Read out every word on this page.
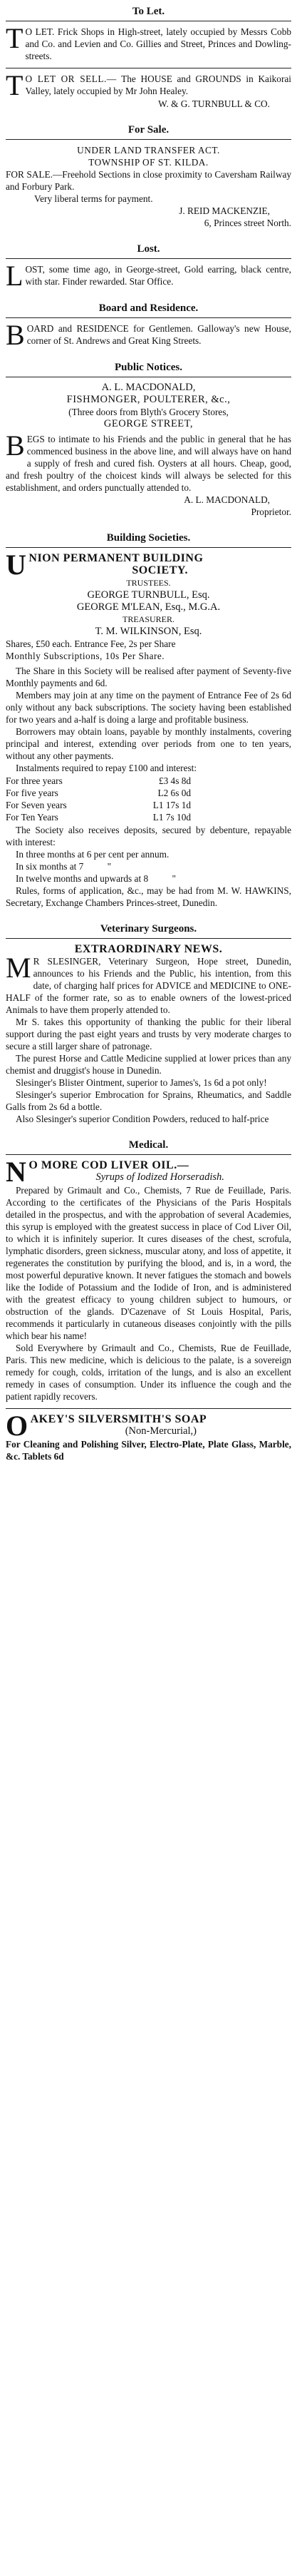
To Let.

T O LET. Frick Shops in High-street, lately occupied by Messrs Cobb and Co. and Levien and Co. Gillies and Street, Princes and Dowling-streets.

T O LET OR SELL.— The HOUSE and GROUNDS in Kaikorai Valley, lately occupied by Mr John Healey.

W. & G. TURNBULL & CO.

For Sale.

UNDER LAND TRANSFER ACT.

TOWNSHIP OF ST. KILDA.

FOR SALE.—Freehold Sections in close proximity to Caversham Railway and Forbury Park.

Very liberal terms for payment.

J. REID MACKENZIE,

6, Princes street North.

Lost.

L OST, some time ago, in George-street, Gold earring, black centre, with star. Finder rewarded. Star Office.

Board and Residence.

B OARD and RESIDENCE for Gentlemen. Galloway's new House, corner of St. Andrews and Great King Streets.

Public Notices.

A. L. MACDONALD,

FISHMONGER, POULTERER, &c.,

(Three doors from Blyth's Grocery Stores,

GEORGE STREET,

B EGS to intimate to his Friends and the public in general that he has commenced business in the above line, and will always have on hand a supply of fresh and cured fish. Oysters at all hours. Cheap, good, and fresh poultry of the choicest kinds will always be selected for this establishment, and orders punctually attended to.

A. L. MACDONALD,

Proprietor.

Building Societies.

U NION PERMANENT BUILDING

SOCIETY.

TRUSTEES.

GEORGE TURNBULL, Esq.

GEORGE M'LEAN, Esq., M.G.A.

TREASURER.

T. M. WILKINSON, Esq.

Shares, £50 each. Entrance Fee, 2s per Share

Monthly Subscriptions, 10s Per Share.

The Share in this Society will be realised after payment of Seventy-five Monthly payments and 6d.

Members may join at any time on the payment of Entrance Fee of 2s 6d only without any back subscriptions. The society having been established for two years and a-half is doing a large and profitable business.

Borrowers may obtain loans, payable by monthly instalments, covering principal and interest, extending over periods from one to ten years, without any other payments.

Instalments required to repay £100 and interest:

For three years	£3 4s 8d
For five years	L2 6s 0d
For Seven years	L1 17s 1d
For Ten Years	L1 7s 10d

The Society also receives deposits, secured by debenture, repayable with interest:

In three months at 6 per cent per annum.

In six months at 7	"

In twelve months and upwards at 8	"

Rules, forms of application, &c., may be had from M. W. HAWKINS, Secretary, Exchange Chambers Princes-street, Dunedin.

Veterinary Surgeons.

EXTRAORDINARY NEWS.

M R SLESINGER, Veterinary Surgeon, Hope street, Dunedin, announces to his Friends and the Public, his intention, from this date, of charging half prices for ADVICE and MEDICINE to ONE-HALF of the former rate, so as to enable owners of the lowest-priced Animals to have them properly attended to.

Mr S. takes this opportunity of thanking the public for their liberal support during the past eight years and trusts by very moderate charges to secure a still larger share of patronage.

The purest Horse and Cattle Medicine supplied at lower prices than any chemist and druggist's house in Dunedin.

Slesinger's Blister Ointment, superior to James's, 1s 6d a pot only!

Slesinger's superior Embrocation for Sprains, Rheumatics, and Saddle Galls from 2s 6d a bottle.

Also Slesinger's superior Condition Powders, reduced to half-price

Medical.

N O MORE COD LIVER OIL.—

Syrups of Iodized Horseradish.

Prepared by Grimault and Co., Chemists, 7 Rue de Feuillade, Paris. According to the certificates of the Physicians of the Paris Hospitals detailed in the prospectus, and with the approbation of several Academies, this syrup is employed with the greatest success in place of Cod Liver Oil, to which it is infinitely superior. It cures diseases of the chest, scrofula, lymphatic disorders, green sickness, muscular atony, and loss of appetite, it regenerates the constitution by purifying the blood, and is, in a word, the most powerful depurative known. It never fatigues the stomach and bowels like the Iodide of Potassium and the Iodide of Iron, and is administered with the greatest efficacy to young children subject to humours, or obstruction of the glands. D'Cazenave of St Louis Hospital, Paris, recommends it particularly in cutaneous diseases conjointly with the pills which bear his name!

Sold Everywhere by Grimault and Co., Chemists, Rue de Feuillade, Paris. This new medicine, which is delicious to the palate, is a sovereign remedy for cough, colds, irritation of the lungs, and is also an excellent remedy in cases of consumption. Under its influence the cough and the patient rapidly recovers.

O AKEY'S SILVERSMITH'S SOAP

(Non-Mercurial,)

For Cleaning and Polishing Silver, Electro-Plate, Plate Glass, Marble, &c. Tablets 6d
